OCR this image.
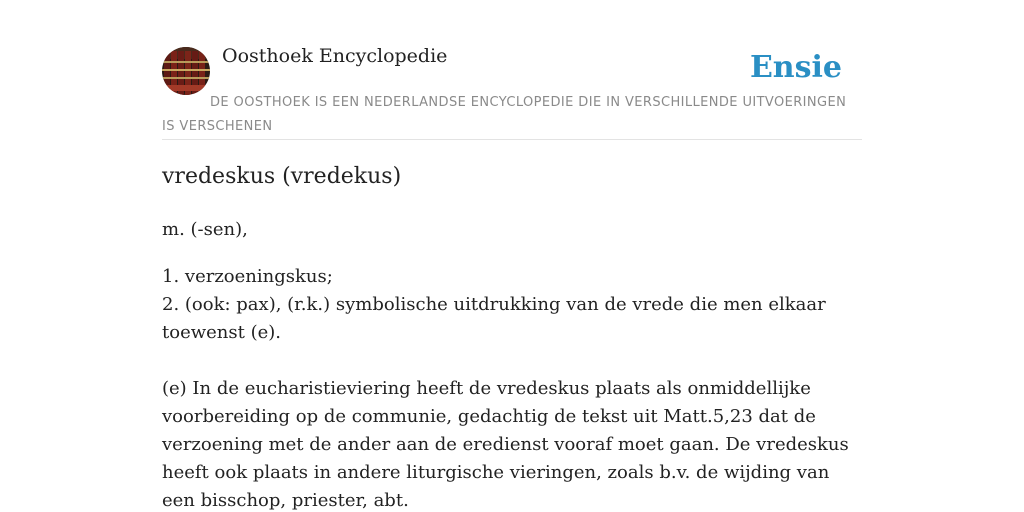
Oosthoek Encyclopedie	Ensie
DE OOSTHOEK IS EEN NEDERLANDSE ENCYCLOPEDIE DIE IN VERSCHILLENDE UITVOERINGEN IS VERSCHENEN
vredeskus (vredekus)

m. (-sen),

1. verzoeningskus;

2. (ook: pax), (r.k.) symbolische uitdrukking van de vrede die men elkaar toewenst (e).

(e) In de eucharistieviering heeft de vredeskus plaats als onmiddellijke voorbereiding op de communie, gedachtig de tekst uit Matt.5,23 dat de verzoening met de ander aan de eredienst vooraf moet gaan. De vredeskus heeft ook plaats in andere liturgische vieringen, zoals b.v. de wijding van een bisschop, priester, abt.
